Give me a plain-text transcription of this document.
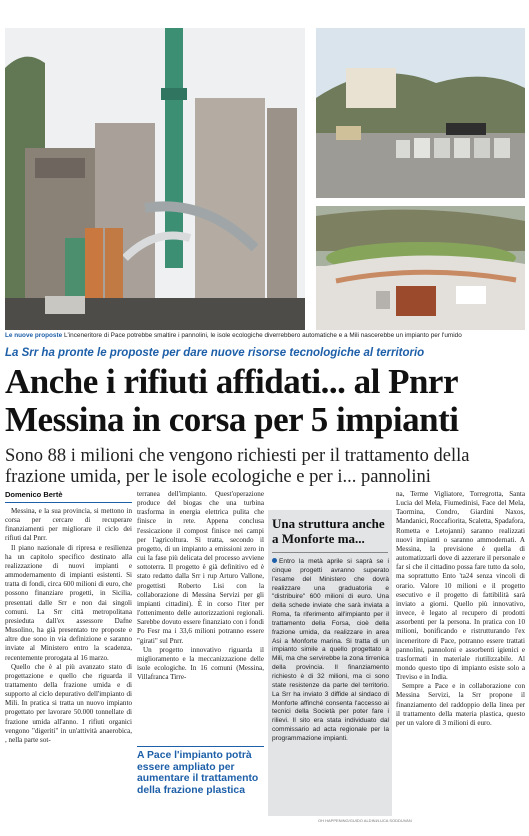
Le nuove proposte L'inceneritore di Pace potrebbe smaltire i pannolini, le isole ecologiche diverrebbero automatiche e a Mili nascerebbe un impianto per l'umido
La Srr ha pronte le proposte per dare nuove risorse tecnologiche al territorio
Anche i rifiuti affidati... al Pnrr
Messina in corsa per 5 impianti
Sono 88 i milioni che vengono richiesti per il trattamento della frazione umida, per le isole ecologiche e per i... pannolini
Domenico Bertè

Messina, e la sua provincia, si mettono in corsa per cercare di recuperare finanziamenti per migliorare il ciclo dei rifiuti dal Pnrr.

Il piano nazionale di ripresa e resilienza ha un capitolo specifico destinato alla realizzazione di nuovi impianti e ammodernamento di impianti esistenti. Si tratta di fondi, circa 600 milioni di euro, che possono finanziare progetti, in Sicilia, presentati dalle Srr e non dai singoli comuni. La Srr città metropolitana presieduta dall'ex assessore Dafne Musolino, ha già presentato tre proposte e altre due sono in via definizione e saranno inviate al Ministero entro la scadenza, recentemente prorogata al 16 marzo.

Quello che è al più avanzato stato di progettazione e quello che riguarda il trattamento della frazione umida e di supporto al ciclo depurativo dell'impianto di Mili. In pratica si tratta un nuovo impianto progettato per lavorare 50.000 tonnellate di frazione umida all'anno. I rifiuti organici vengono "digeriti" in un'attività anaerobica, , nella parte sot-

terranea dell'impianto. Quest'operazione produce del biogas che una turbina trasforma in energia elettrica pulita che finisce in rete. Appena conclusa l'essicazione il compost finisce nei campi per l'agricoltura. Si tratta, secondo il progetto, di un impianto a emissioni zero in cui la fase più delicata del processo avviene sottoterra. Il progetto è già definitivo ed è stato redatto dalla Srr i rup Arturo Vallone, progettisti Roberto Lisi con la collaborazione di Messina Servizi per gli impianti cittadini). È in corso l'iter per l'ottenimento delle autorizzazioni regionali. Sarebbe dovuto essere finanziato con i fondi Po Fesr ma i 33,6 milioni potranno essere "girati" sul Pnrr.

Un progetto innovativo riguarda il miglioramento e la meccanizzazione delle isole ecologiche. In 16 comuni (Messina, Villafranca Tirre-

A Pace l'impianto potrà essere ampliato per aumentare il trattamento della frazione plastica
Una struttura anche a Monforte ma...
Entro la metà aprile si saprà se i cinque progetti avranno superato l'esame del Ministero che dovrà realizzare una graduatoria e "distribuire" 600 milioni di euro. Una della schede inviate che sarà inviata a Roma, fa riferimento all'impianto per il trattamento della Forsa, cioè della frazione umida, da realizzare in area Asi a Monforte marina. Si tratta di un impianto simile a quello progettato a Mili, ma che servirebbe la zona tirrenica della provincia. Il finanziamento richiesto è di 32 milioni, ma ci sono state resistenze da parte del territorio. La Srr ha inviato 3 diffide al sindaco di Monforte affinché consenta l'accesso ai tecnici della Società per poter fare i rilievi. Il sito era stata individuato dal commissario ad acta regionale per la programmazione impianti.

na, Terme Vigliatore, Torregrotta, Santa Lucia del Mela, Fiumedinisi, Face del Mela, Taormina, Condro, Giardini Naxos, Mandanici, Roccafiorita, Scaletta, Spadafora, Rometta e Letojanni) saranno realizzati nuovi impianti o saranno ammodernati. A Messina, la previsione è quella di automatizzarli dove di azzerare il personale e far sì che il cittadino possa fare tutto da solo, ma soprattutto Ento 'ta24 senza vincoli di orario. Valore 10 milioni e il progetto esecutivo e il progetto di fattibilità sarà inviato a giorni. Quello più innovativo, invece, è legato al recupero di prodotti assorbenti per la persona. In pratica con 10 milioni, bonificando e ristrutturando l'ex inceneritore di Pace, potranno essere trattati pannolini, pannoloni e assorbenti igienici e trasformati in materiale riutilizzabile. Al mondo questo tipo di impianto esiste solo a Treviso e in India.

Sempre a Pace e in collaborazione con Messina Servizi, la Srr propone il finanziamento del raddoppio della linea per il trattamento della materia plastica, questo per un valore di 3 milioni di euro.

OH HAPPENING/GUIDO ALDINI/LUCA SODDUVAN
